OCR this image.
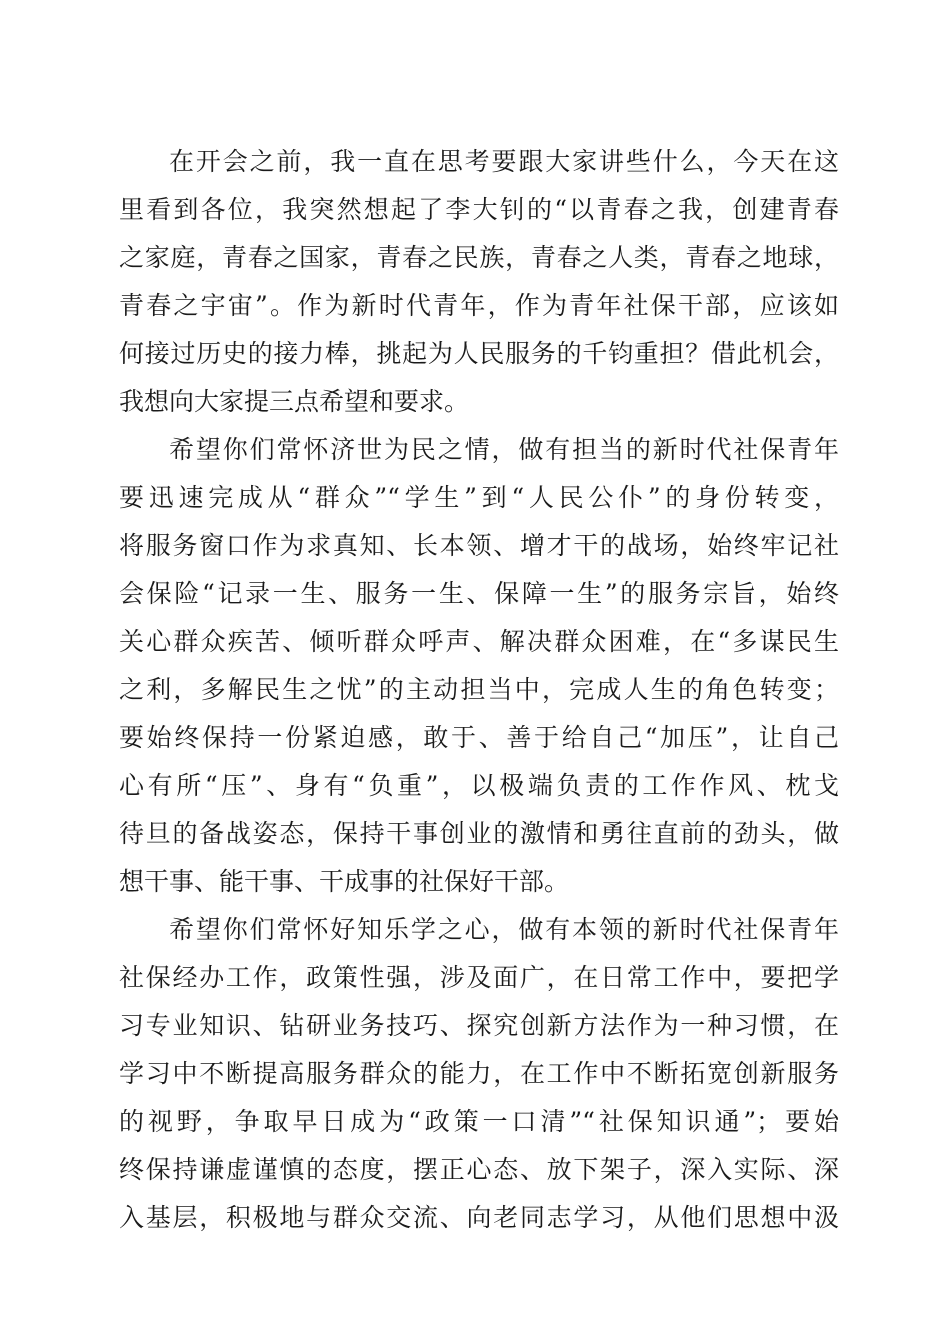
在开会之前，我一直在思考要跟大家讲些什么，今天在这
里看到各位，我突然想起了李大钊的“以青春之我，创建青春
之家庭，青春之国家，青春之民族，青春之人类，青春之地球，
青春之宇宙”。作为新时代青年，作为青年社保干部，应该如
何接过历史的接力棒，挑起为人民服务的千钧重担？借此机会，
我想向大家提三点希望和要求。
希望你们常怀济世为民之情，做有担当的新时代社保青年
要迅速完成从“群众”“学生”到“人民公仆”的身份转变，
将服务窗口作为求真知、长本领、增才干的战场，始终牢记社
会保险“记录一生、服务一生、保障一生”的服务宗旨，始终
关心群众疾苦、倾听群众呼声、解决群众困难，在“多谋民生
之利，多解民生之忧”的主动担当中，完成人生的角色转变；
要始终保持一份紧迫感，敢于、善于给自己“加压”，让自己
心有所“压”、身有“负重”，以极端负责的工作作风、枕戈
待旦的备战姿态，保持干事创业的激情和勇往直前的劲头，做
想干事、能干事、干成事的社保好干部。
希望你们常怀好知乐学之心，做有本领的新时代社保青年
社保经办工作，政策性强，涉及面广，在日常工作中，要把学
习专业知识、钻研业务技巧、探究创新方法作为一种习惯，在
学习中不断提高服务群众的能力，在工作中不断拓宽创新服务
的视野，争取早日成为“政策一口清”“社保知识通”；要始
终保持谦虚谨慎的态度，摆正心态、放下架子，深入实际、深
入基层，积极地与群众交流、向老同志学习，从他们思想中汲
